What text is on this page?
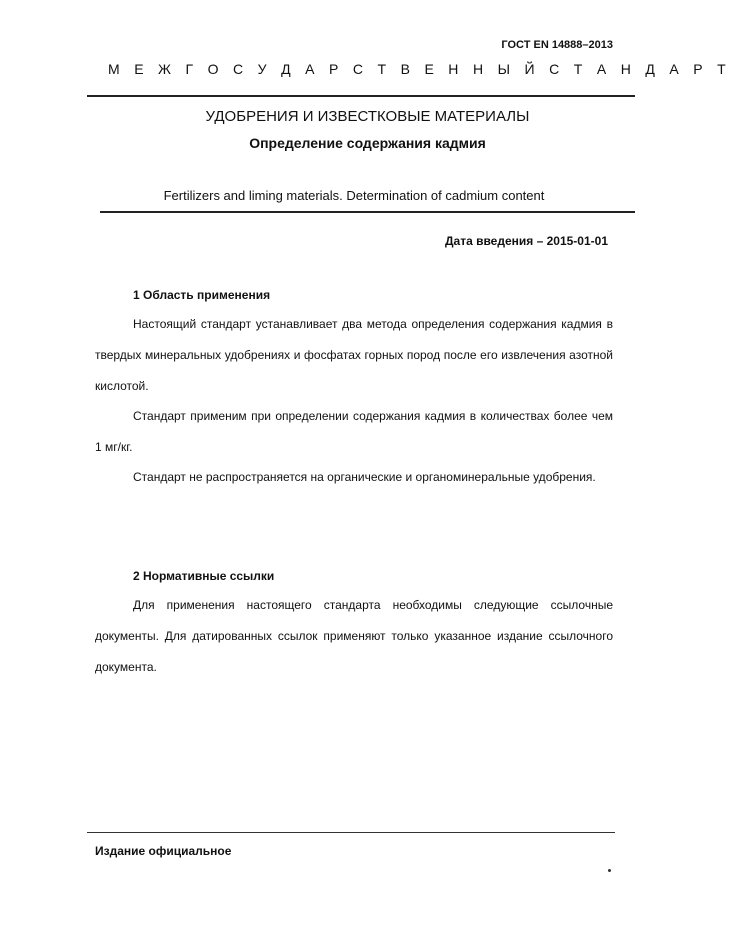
ГОСТ EN 14888–2013
М Е Ж Г О С У Д А Р С Т В Е Н Н Ы Й С Т А Н Д А Р Т
УДОБРЕНИЯ И ИЗВЕСТКОВЫЕ МАТЕРИАЛЫ
Определение содержания кадмия
Fertilizers and liming materials. Determination of cadmium content
Дата введения – 2015-01-01
1 Область применения
Настоящий стандарт устанавливает два метода определения содержания кадмия в твердых минеральных удобрениях и фосфатах горных пород после его извлечения азотной кислотой.
Стандарт применим при определении содержания кадмия в количествах более чем 1 мг/кг.
Стандарт не распространяется на органические и органоминеральные удобрения.
2 Нормативные ссылки
Для применения настоящего стандарта необходимы следующие ссылочные документы. Для датированных ссылок применяют только указанное издание ссылочного документа.
Издание официальное
